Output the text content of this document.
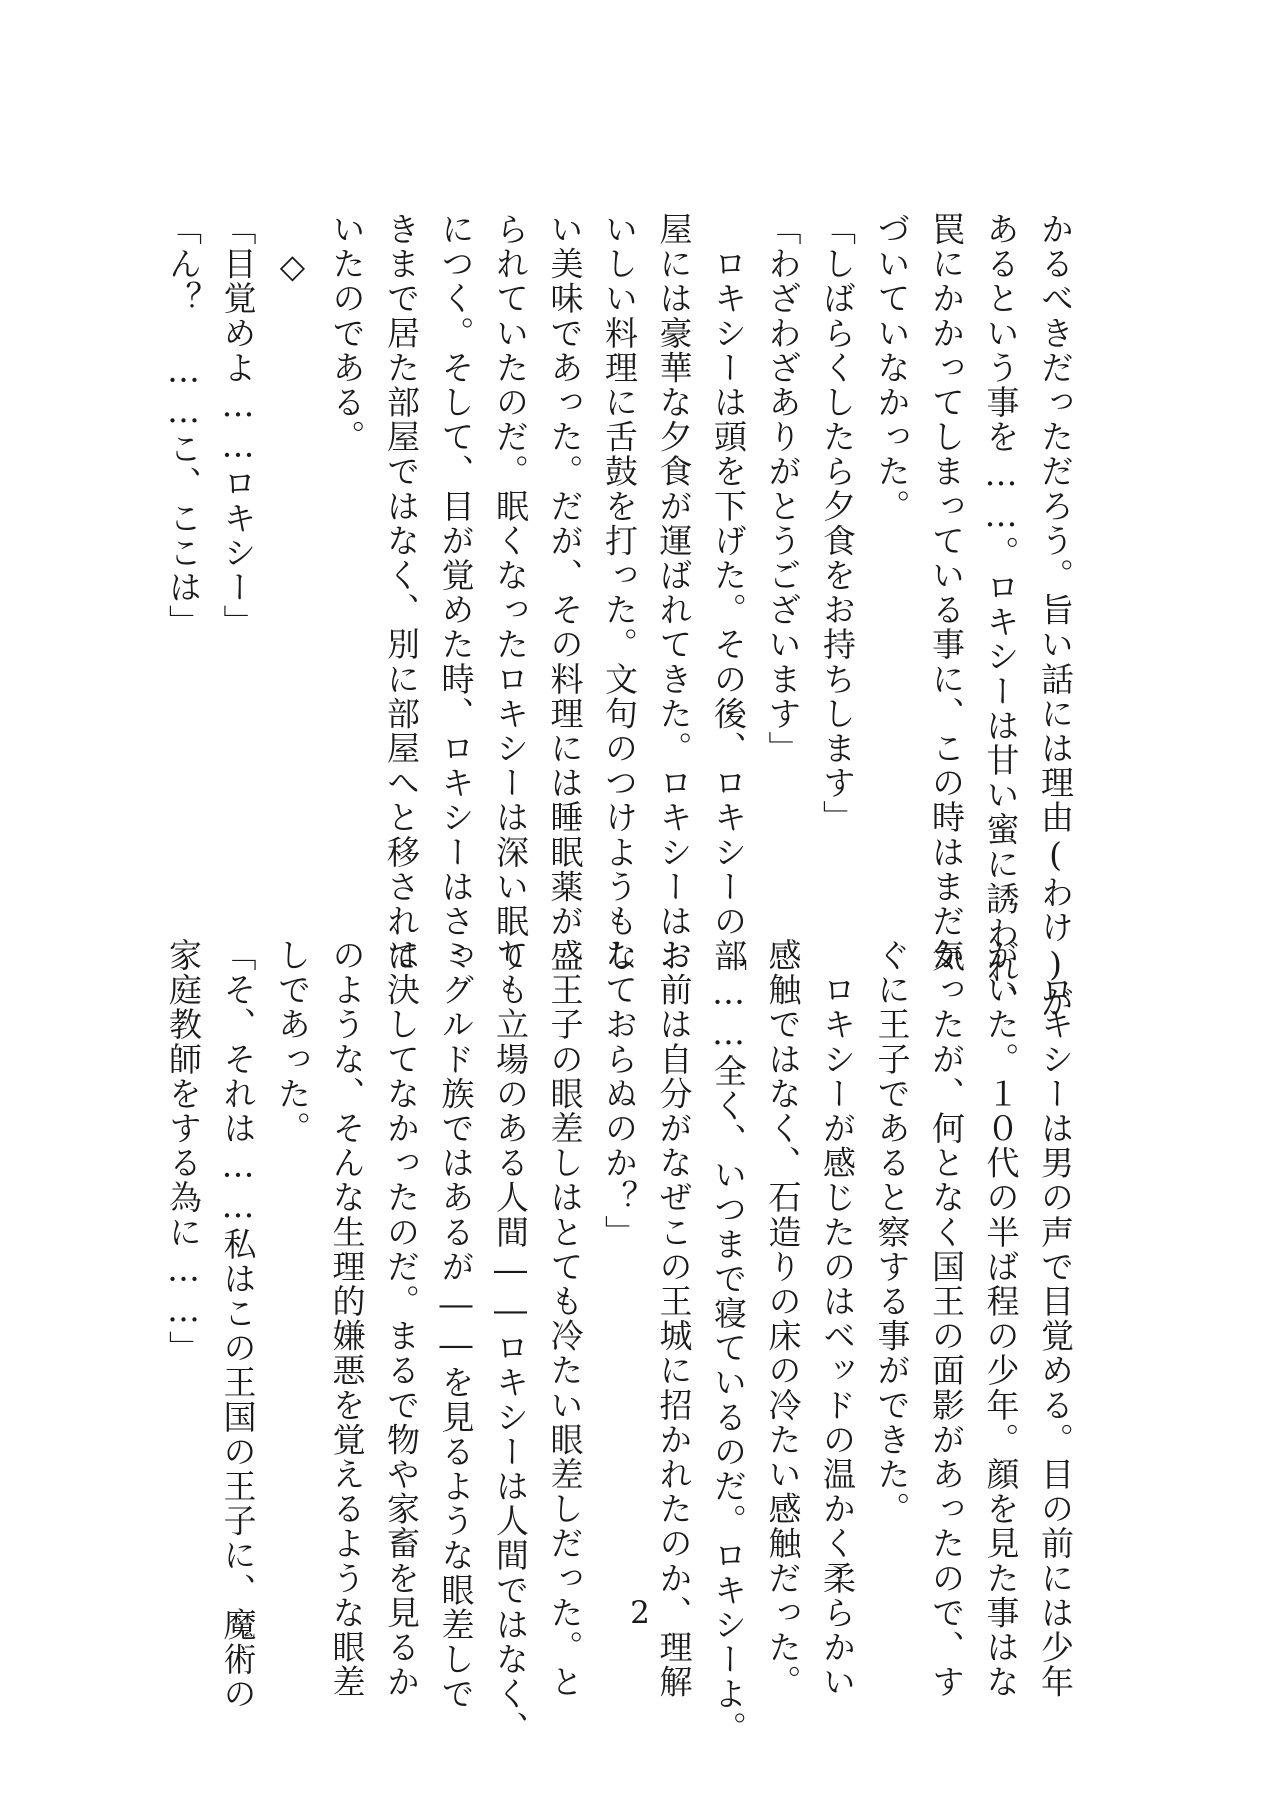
かるべきだっただろう。旨い話には理由(わけ)が
あるという事を……。ロキシーは甘い蜜に誘われ、
罠にかかってしまっている事に、この時はまだ気
づいていなかった。
「しばらくしたら夕食をお持ちします」
「わざわざありがとうございます」
　ロキシーは頭を下げた。その後、ロキシーの部
屋には豪華な夕食が運ばれてきた。ロキシーはお
いしい料理に舌鼓を打った。文句のつけようもな
い美味であった。だが、その料理には睡眠薬が盛
られていたのだ。眠くなったロキシーは深い眠り
につく。そして、目が覚めた時、ロキシーはさっ
きまで居た部屋ではなく、別に部屋へと移されて
いたのである。
　◇
「目覚めよ……ロキシー」
「ん？　……こ、ここは」
　ロキシーは男の声で目覚める。目の前には少年
がいた。１０代の半ば程の少年。顔を見た事はな
かったが、何となく国王の面影があったので、す
ぐに王子であると察する事ができた。
　ロキシーが感じたのはベッドの温かく柔らかい
感触ではなく、石造りの床の冷たい感触だった。
「……全く、いつまで寝ているのだ。ロキシーよ。
お前は自分がなぜこの王城に招かれたのか、理解
しておらぬのか？」
　王子の眼差しはとても冷たい眼差しだった。と
ても立場のある人間――ロキシーは人間ではなく、
ミグルド族ではあるが――を見るような眼差しで
は決してなかったのだ。まるで物や家畜を見るか
のような、そんな生理的嫌悪を覚えるような眼差
しであった。
「そ、それは……私はこの王国の王子に、魔術の
家庭教師をする為に……」
2
